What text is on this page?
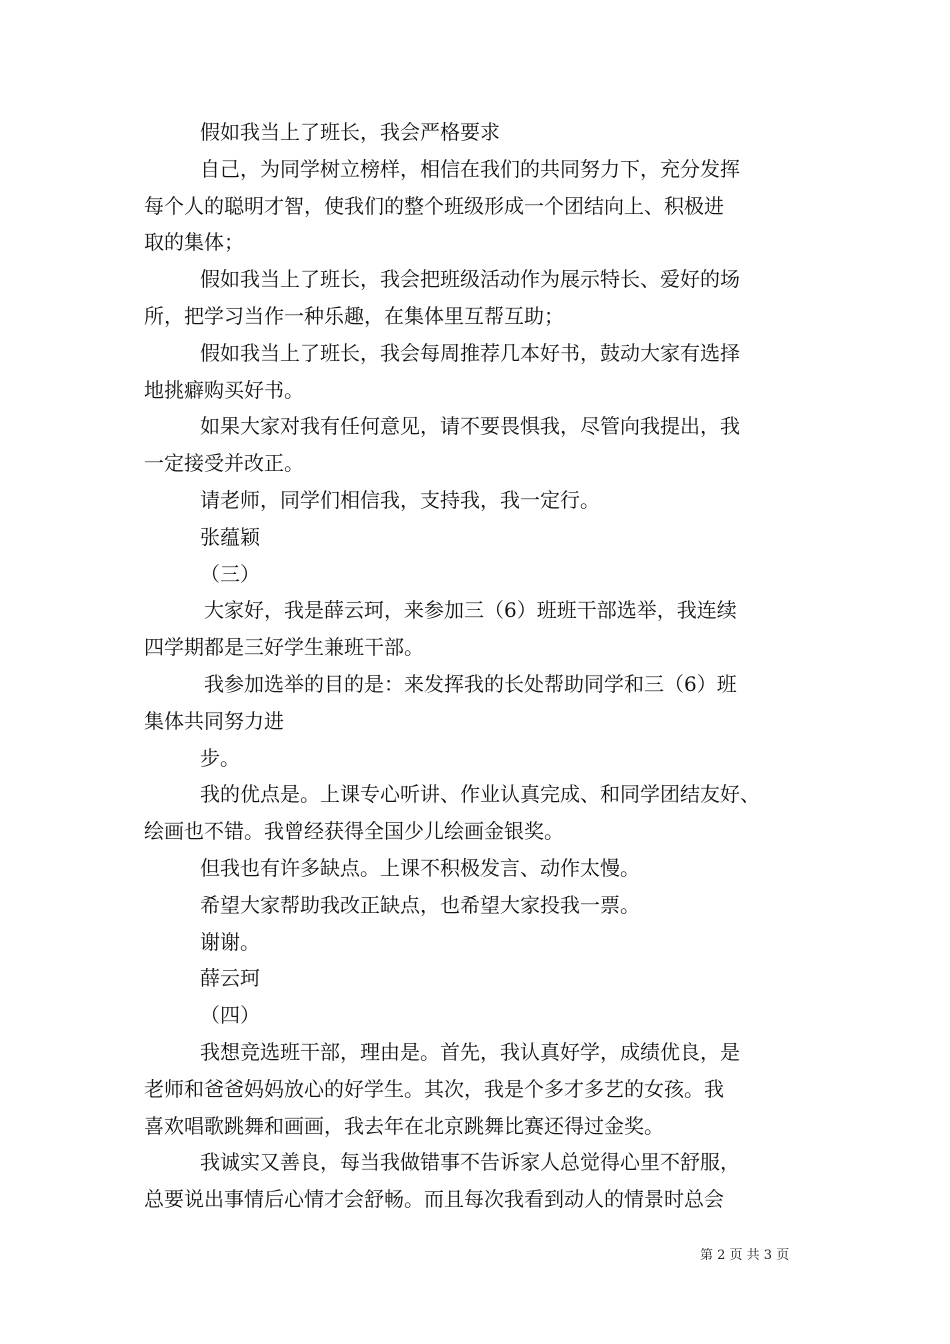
假如我当上了班长，我会严格要求
自己，为同学树立榜样，相信在我们的共同努力下，充分发挥
每个人的聪明才智，使我们的整个班级形成一个团结向上、积极进
取的集体；
假如我当上了班长，我会把班级活动作为展示特长、爱好的场
所，把学习当作一种乐趣，在集体里互帮互助；
假如我当上了班长，我会每周推荐几本好书，鼓动大家有选择
地挑癖购买好书。
如果大家对我有任何意见，请不要畏惧我，尽管向我提出，我
一定接受并改正。
请老师，同学们相信我，支持我，我一定行。
张蕴颖
（三）
大家好，我是薛云珂，来参加三（6）班班干部选举，我连续
四学期都是三好学生兼班干部。
我参加选举的目的是：来发挥我的长处帮助同学和三（6）班
集体共同努力进
步。
我的优点是。上课专心听讲、作业认真完成、和同学团结友好、
绘画也不错。我曾经获得全国少儿绘画金银奖。
但我也有许多缺点。上课不积极发言、动作太慢。
希望大家帮助我改正缺点，也希望大家投我一票。
谢谢。
薛云珂
（四）
我想竞选班干部，理由是。首先，我认真好学，成绩优良，是
老师和爸爸妈妈放心的好学生。其次，我是个多才多艺的女孩。我
喜欢唱歌跳舞和画画，我去年在北京跳舞比赛还得过金奖。
我诚实又善良，每当我做错事不告诉家人总觉得心里不舒服，
总要说出事情后心情才会舒畅。而且每次我看到动人的情景时总会
第 2 页 共 3 页
